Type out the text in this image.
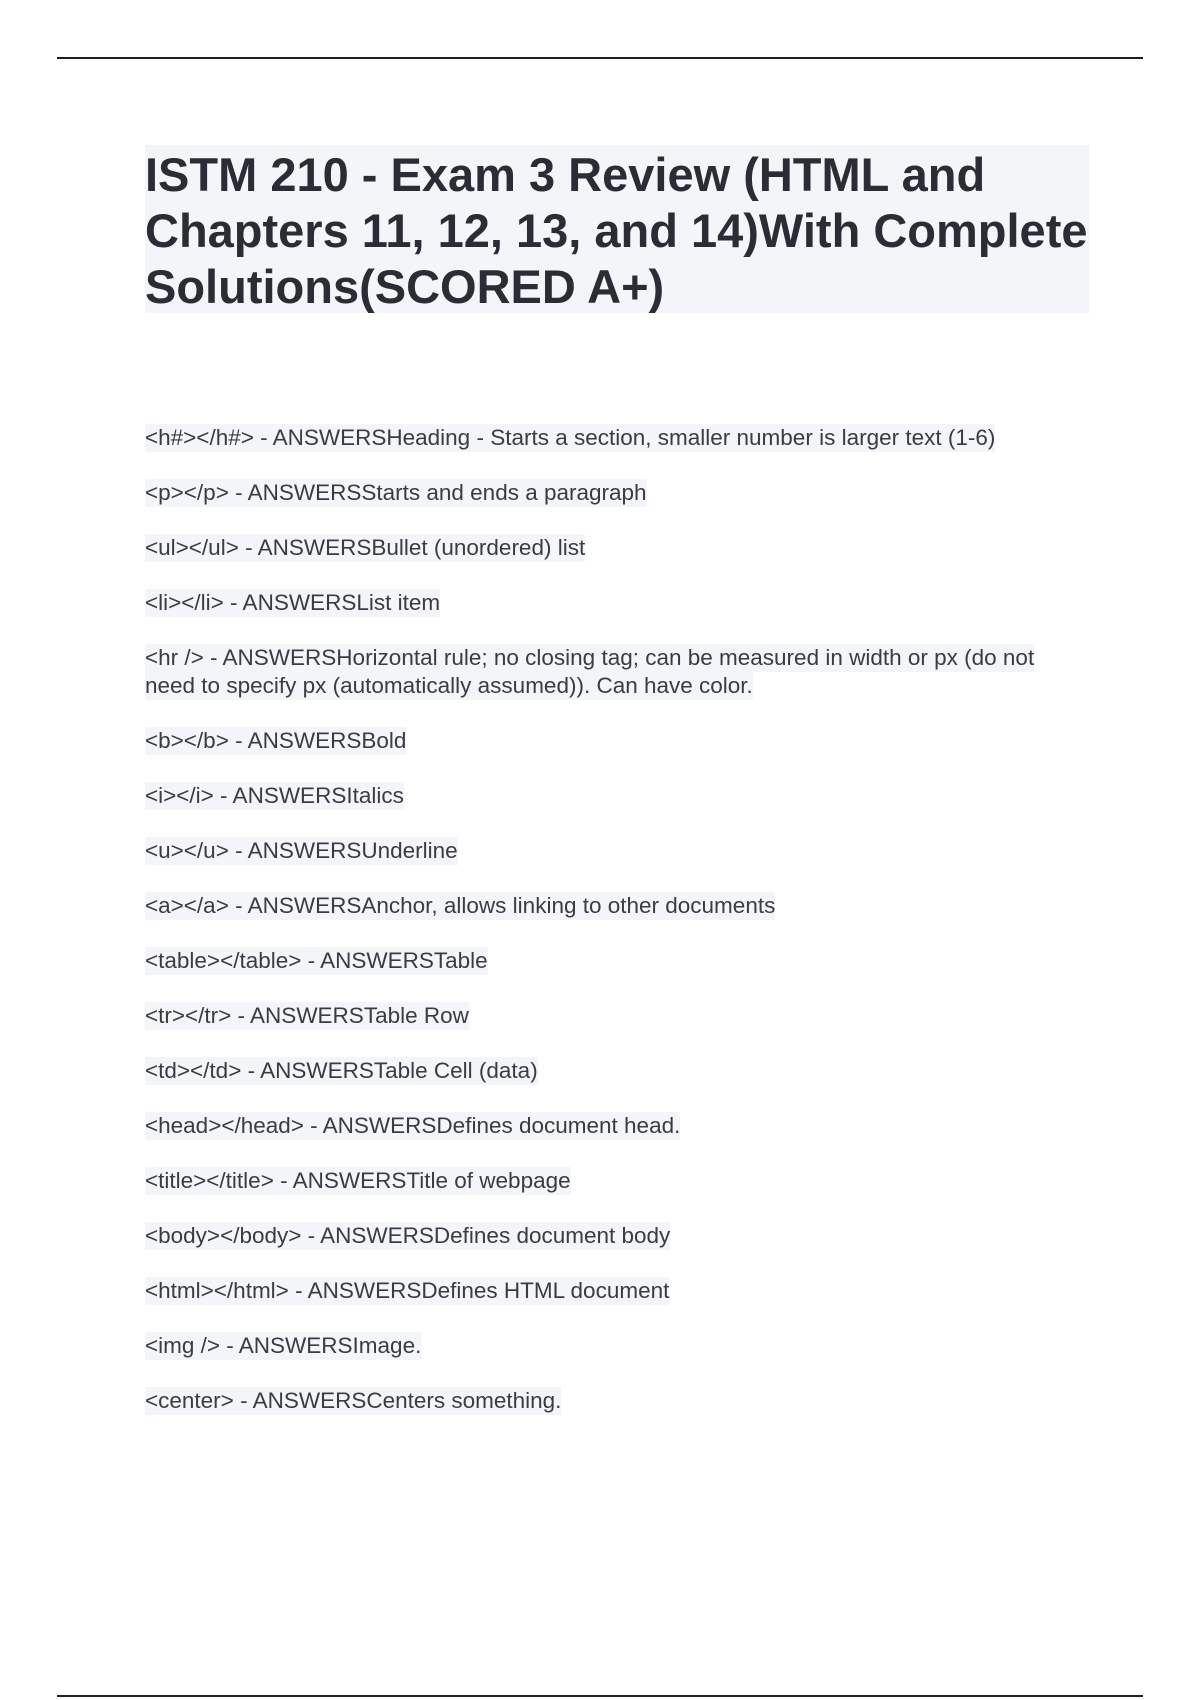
ISTM 210 - Exam 3 Review (HTML and Chapters 11, 12, 13, and 14)With Complete Solutions(SCORED A+)

<h#></h#> - ANSWERSHeading - Starts a section, smaller number is larger text (1-6)

<p></p> - ANSWERSStarts and ends a paragraph

<ul></ul> - ANSWERSBullet (unordered) list

<li></li> - ANSWERSList item

<hr /> - ANSWERSHorizontal rule; no closing tag; can be measured in width or px (do not need to specify px (automatically assumed)). Can have color.

<b></b> - ANSWERSBold

<i></i> - ANSWERSItalics

<u></u> - ANSWERSUnderline

<a></a> - ANSWERSAnchor, allows linking to other documents

<table></table> - ANSWERSTable

<tr></tr> - ANSWERSTable Row

<td></td> - ANSWERSTable Cell (data)

<head></head> - ANSWERSDefines document head.

<title></title> - ANSWERSTitle of webpage

<body></body> - ANSWERSDefines document body

<html></html> - ANSWERSDefines HTML document

<img /> - ANSWERSImage.

<center> - ANSWERSCenters something.
